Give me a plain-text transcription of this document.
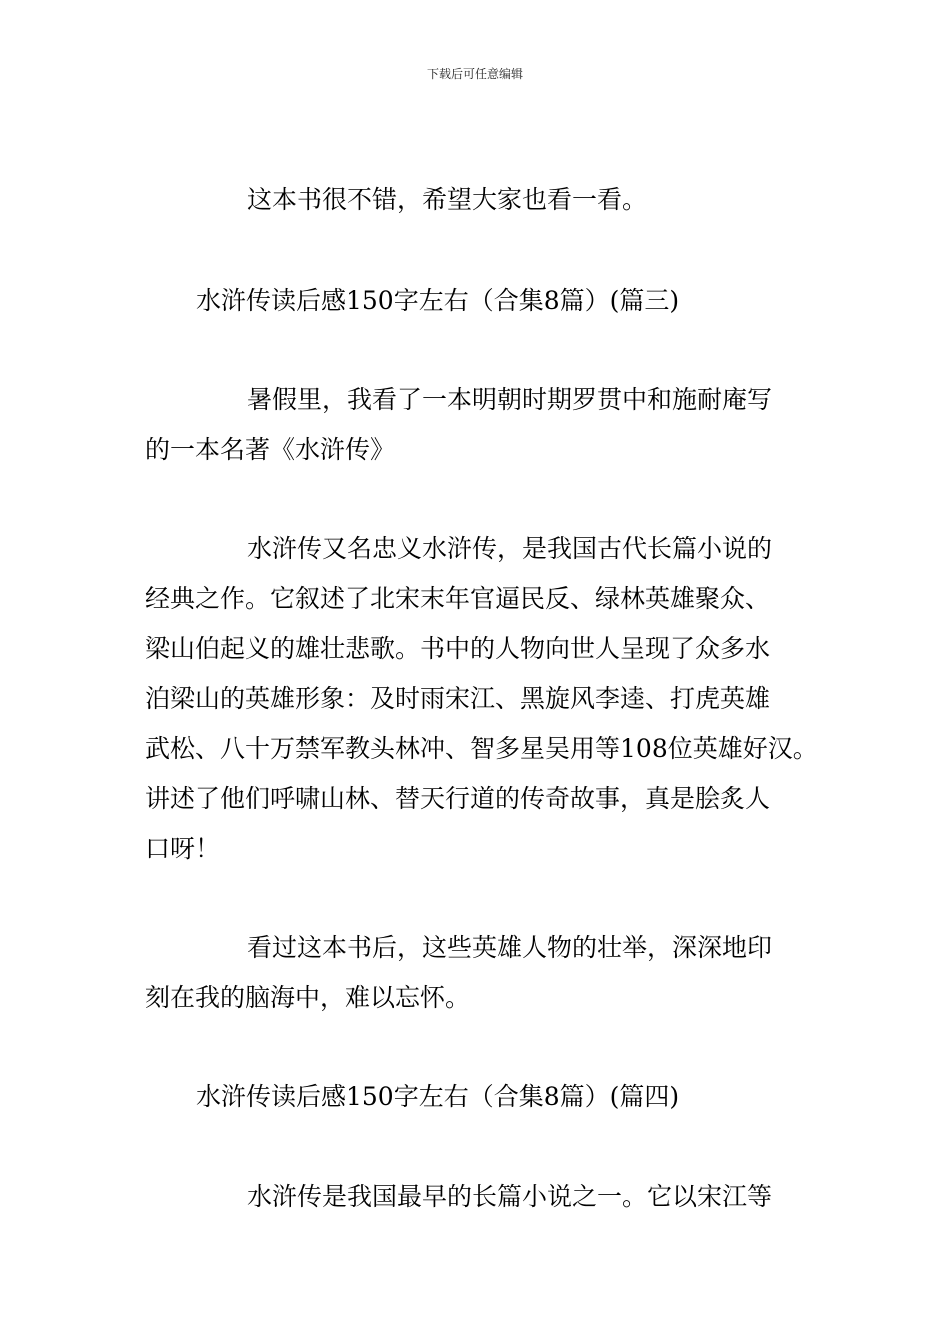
下载后可任意编辑
这本书很不错，希望大家也看一看。
水浒传读后感150字左右（合集8篇）(篇三)
暑假里，我看了一本明朝时期罗贯中和施耐庵写
的一本名著《水浒传》
水浒传又名忠义水浒传，是我国古代长篇小说的
经典之作。它叙述了北宋末年官逼民反、绿林英雄聚众、
梁山伯起义的雄壮悲歌。书中的人物向世人呈现了众多水
泊梁山的英雄形象：及时雨宋江、黑旋风李逵、打虎英雄
武松、八十万禁军教头林冲、智多星吴用等108位英雄好汉。
讲述了他们呼啸山林、替天行道的传奇故事，真是脍炙人
口呀！
看过这本书后，这些英雄人物的壮举，深深地印
刻在我的脑海中，难以忘怀。
水浒传读后感150字左右（合集8篇）(篇四)
水浒传是我国最早的长篇小说之一。它以宋江等
